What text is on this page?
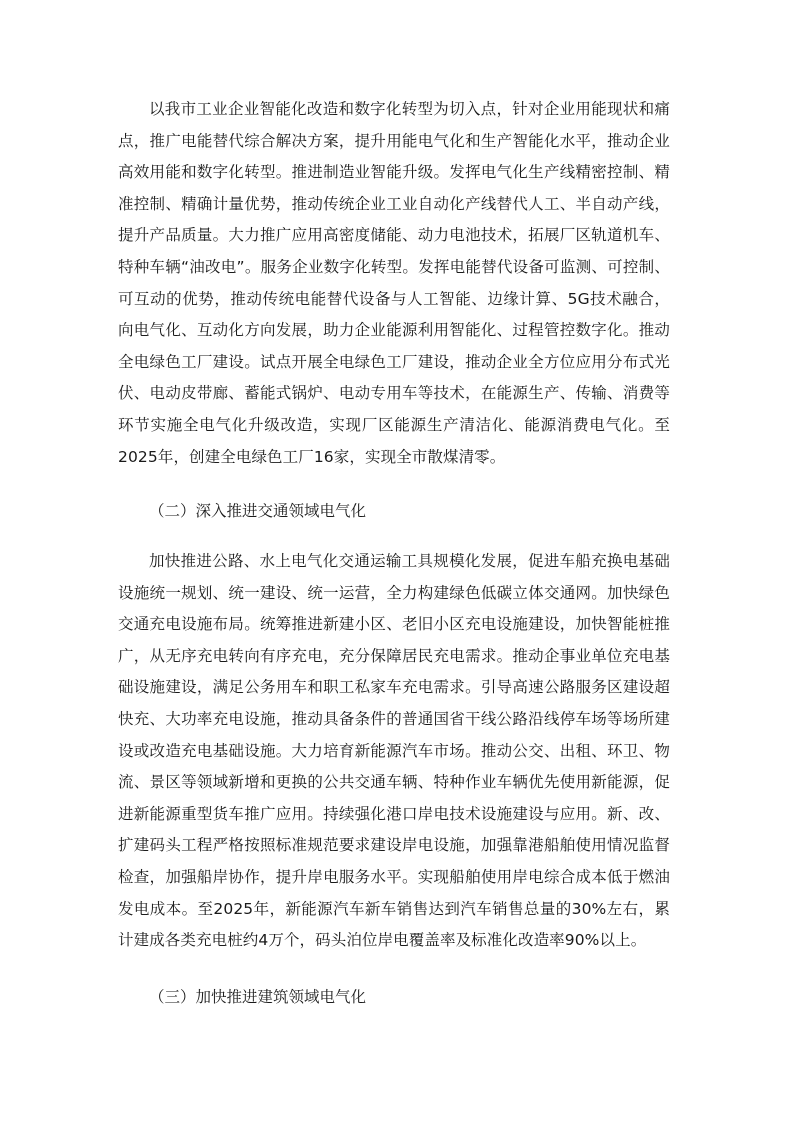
以我市工业企业智能化改造和数字化转型为切入点，针对企业用能现状和痛点，推广电能替代综合解决方案，提升用能电气化和生产智能化水平，推动企业高效用能和数字化转型。推进制造业智能升级。发挥电气化生产线精密控制、精准控制、精确计量优势，推动传统企业工业自动化产线替代人工、半自动产线，提升产品质量。大力推广应用高密度储能、动力电池技术，拓展厂区轨道机车、特种车辆“油改电”。服务企业数字化转型。发挥电能替代设备可监测、可控制、可互动的优势，推动传统电能替代设备与人工智能、边缘计算、5G技术融合，向电气化、互动化方向发展，助力企业能源利用智能化、过程管控数字化。推动全电绿色工厂建设。试点开展全电绿色工厂建设，推动企业全方位应用分布式光伏、电动皮带廊、蓄能式锅炉、电动专用车等技术，在能源生产、传输、消费等环节实施全电气化升级改造，实现厂区能源生产清洁化、能源消费电气化。至2025年，创建全电绿色工厂16家，实现全市散煤清零。

（二）深入推进交通领域电气化

加快推进公路、水上电气化交通运输工具规模化发展，促进车船充换电基础设施统一规划、统一建设、统一运营，全力构建绿色低碳立体交通网。加快绿色交通充电设施布局。统筹推进新建小区、老旧小区充电设施建设，加快智能桩推广，从无序充电转向有序充电，充分保障居民充电需求。推动企事业单位充电基础设施建设，满足公务用车和职工私家车充电需求。引导高速公路服务区建设超快充、大功率充电设施，推动具备条件的普通国省干线公路沿线停车场等场所建设或改造充电基础设施。大力培育新能源汽车市场。推动公交、出租、环卫、物流、景区等领域新增和更换的公共交通车辆、特种作业车辆优先使用新能源，促进新能源重型货车推广应用。持续强化港口岸电技术设施建设与应用。新、改、扩建码头工程严格按照标准规范要求建设岸电设施，加强靠港船舶使用情况监督检查，加强船岸协作，提升岸电服务水平。实现船舶使用岸电综合成本低于燃油发电成本。至2025年，新能源汽车新车销售达到汽车销售总量的30%左右，累计建成各类充电桩约4万个，码头泊位岸电覆盖率及标准化改造率90%以上。

（三）加快推进建筑领域电气化
